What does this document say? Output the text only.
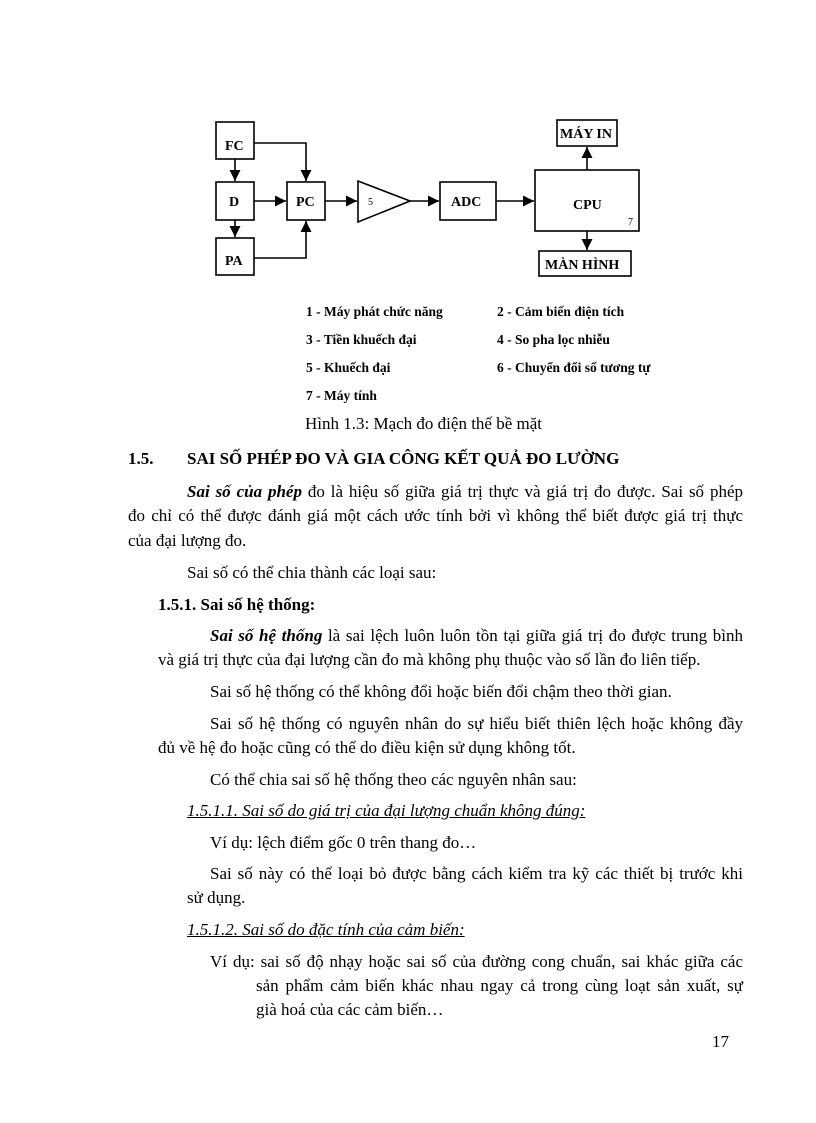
FC
D
PA
PC	5	ADC	CPU
7
MÁY IN
MÀN HÌNH
1 - Máy phát chức năng	2 - Cảm biến điện tích
3 - Tiền khuếch đại	4 - So pha lọc nhiễu
5 - Khuếch đại	6 - Chuyển đổi số tương tự
7 - Máy tính
Hình 1.3: Mạch đo điện thế bề mặt
1.5. SAI SỐ PHÉP ĐO VÀ GIA CÔNG KẾT QUẢ ĐO LƯỜNG
Sai số của phép đo là hiệu số giữa giá trị thực và giá trị đo được. Sai số phép
đo chỉ có thể được đánh giá một cách ước tính bởi vì không thể biết được giá trị thực
của đại lượng đo.
Sai số có thể chia thành các loại sau:
1.5.1. Sai số hệ thống:
Sai số hệ thống là sai lệch luôn luôn tồn tại giữa giá trị đo được trung bình
và giá trị thực của đại lượng cần đo mà không phụ thuộc vào số lần đo liên tiếp.
Sai số hệ thống có thể không đổi hoặc biến đổi chậm theo thời gian.
Sai số hệ thống có nguyên nhân do sự hiểu biết thiên lệch hoặc không đầy
đủ về hệ đo hoặc cũng có thể do điều kiện sử dụng không tốt.
Có thể chia sai số hệ thống theo các nguyên nhân sau:
1.5.1.1. Sai số do giá trị của đại lượng chuẩn không đúng:
Ví dụ: lệch điểm gốc 0 trên thang đo…
Sai số này có thể loại bỏ được bằng cách kiểm tra kỹ các thiết bị trước khi
sử dụng.
1.5.1.2. Sai số do đặc tính của cảm biến:
Ví dụ: sai số độ nhạy hoặc sai số của đường cong chuẩn, sai khác giữa các
sản phẩm cảm biến khác nhau ngay cả trong cùng loạt sản xuất, sự
già hoá của các cảm biến…
17
